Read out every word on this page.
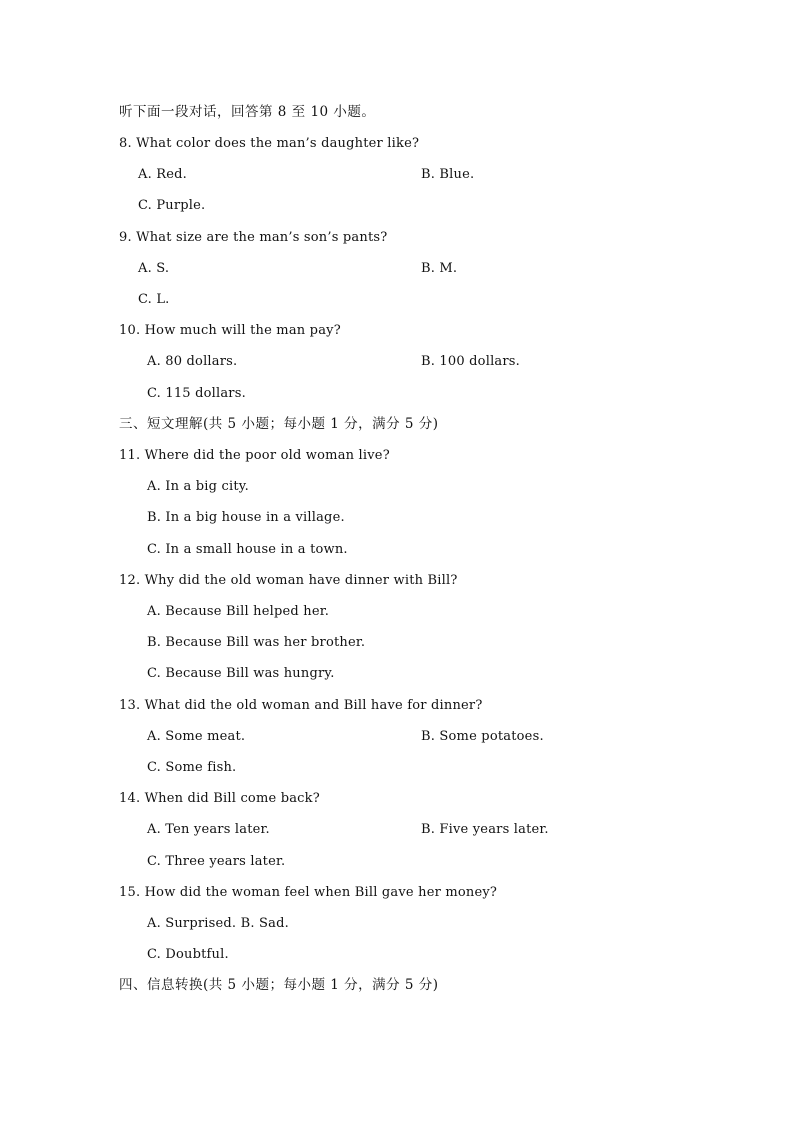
听下面一段对话，回答第 8 至 10 小题。
8. What color does the man’s daughter like?
A. Red.	B. Blue.
C. Purple.
9. What size are the man’s son’s pants?
A. S.	B. M.
C. L.
10. How much will the man pay?
A. 80 dollars.	B. 100 dollars.
C. 115 dollars.
三、短文理解(共 5 小题；每小题 1 分，满分 5 分)
11. Where did the poor old woman live?
A. In a big city.
B. In a big house in a village.
C. In a small house in a town.
12. Why did the old woman have dinner with Bill?
A. Because Bill helped her.
B. Because Bill was her brother.
C. Because Bill was hungry.
13. What did the old woman and Bill have for dinner?
A. Some meat.	B. Some potatoes.
C. Some fish.
14. When did Bill come back?
A. Ten years later.	B. Five years later.
C. Three years later.
15. How did the woman feel when Bill gave her money?
A. Surprised. B. Sad.
C. Doubtful.
四、信息转换(共 5 小题；每小题 1 分，满分 5 分)
